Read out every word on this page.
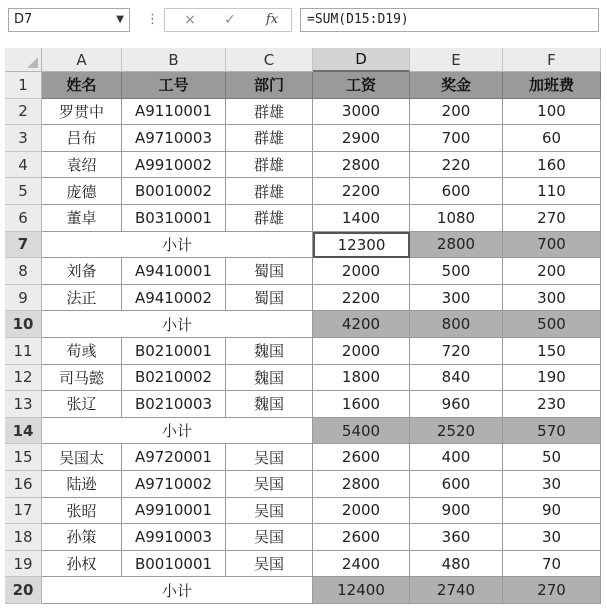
D7	▼ ⋮	×	✓	fx	=SUM(D15:D19)
A	B	C	D	E	F
1	姓名	工号	部门	工资	奖金	加班费
2	罗贯中	A9110001	群雄	3000	200	100
3	吕布	A9710003	群雄	2900	700	60
4	袁绍	A9910002	群雄	2800	220	160
5	庞德	B0010002	群雄	2200	600	110
6	董卓	B0310001	群雄	1400	1080	270
7	小计	12300	2800	700
8	刘备	A9410001	蜀国	2000	500	200
9	法正	A9410002	蜀国	2200	300	300
10	小计	4200	800	500
11	荀彧	B0210001	魏国	2000	720	150
12	司马懿	B0210002	魏国	1800	840	190
13	张辽	B0210003	魏国	1600	960	230
14	小计	5400	2520	570
15	吴国太	A9720001	吴国	2600	400	50
16	陆逊	A9710002	吴国	2800	600	30
17	张昭	A9910001	吴国	2000	900	90
18	孙策	A9910003	吴国	2600	360	30
19	孙权	B0010001	吴国	2400	480	70
20	小计	12400	2740	270
